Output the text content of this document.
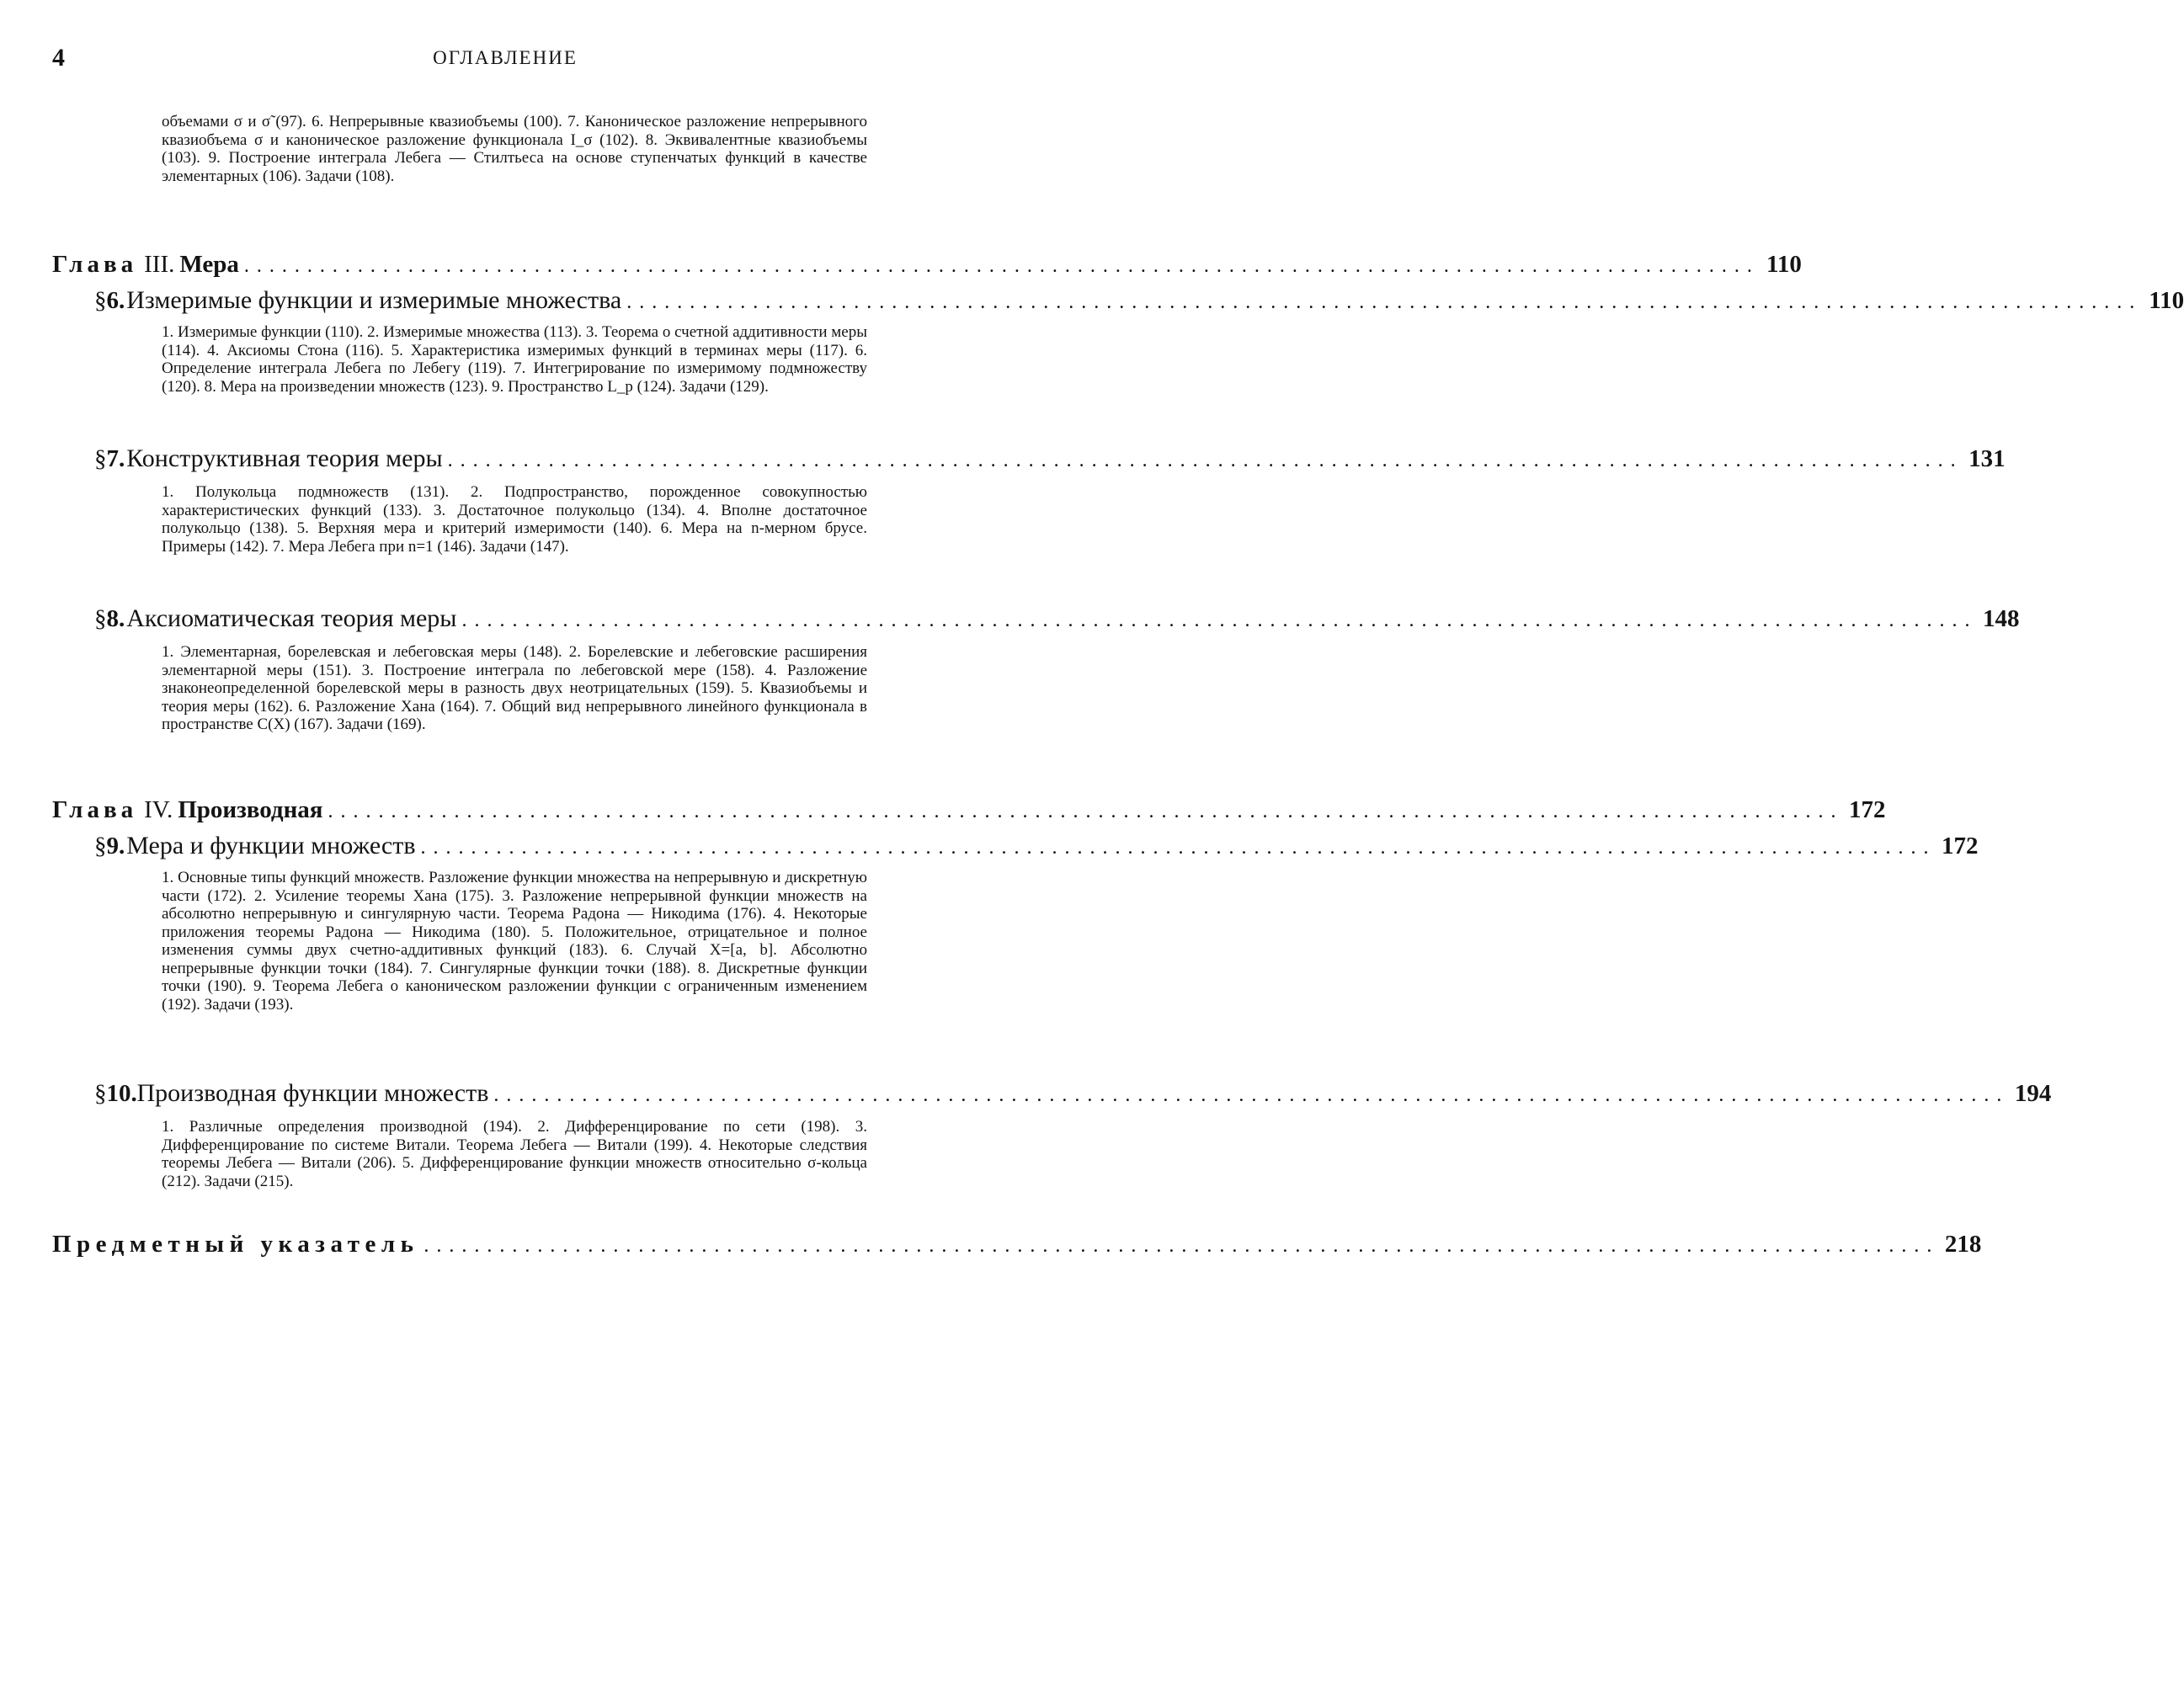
4	ОГЛАВЛЕНИЕ
объемами σ и σ̃ (97). 6. Непрерывные квазиобъемы (100). 7. Каноническое разложение непрерывного квазиобъема σ и каноническое разложение функционала I_σ (102). 8. Эквивалентные квазиобъемы (103). 9. Построение интеграла Лебега — Стилтьеса на основе ступенчатых функций в качестве элементарных (106). Задачи (108).
Глава III. Мера ........................................................................................................................ 110
§ 6. Измеримые функции и измеримые множества ........................................................................................................................ 110
1. Измеримые функции (110). 2. Измеримые множества (113). 3. Теорема о счетной аддитивности меры (114). 4. Аксиомы Стона (116). 5. Характеристика измеримых функций в терминах меры (117). 6. Определение интеграла Лебега по Лебегу (119). 7. Интегрирование по измеримому подмножеству (120). 8. Мера на произведении множеств (123). 9. Пространство L_p (124). Задачи (129).
§ 7. Конструктивная теория меры ........................................................................................................................ 131
1. Полукольца подмножеств (131). 2. Подпространство, порожденное совокупностью характеристических функций (133). 3. Достаточное полукольцо (134). 4. Вполне достаточное полукольцо (138). 5. Верхняя мера и критерий измеримости (140). 6. Мера на n-мерном брусе. Примеры (142). 7. Мера Лебега при n=1 (146). Задачи (147).
§ 8. Аксиоматическая теория меры ........................................................................................................................ 148
1. Элементарная, борелевская и лебеговская меры (148). 2. Борелевские и лебеговские расширения элементарной меры (151). 3. Построение интеграла по лебеговской мере (158). 4. Разложение знаконеопределенной борелевской меры в разность двух неотрицательных (159). 5. Квазиобъемы и теория меры (162). 6. Разложение Хана (164). 7. Общий вид непрерывного линейного функционала в пространстве C(X) (167). Задачи (169).
Глава IV. Производная ........................................................................................................................ 172
§ 9. Мера и функции множеств ........................................................................................................................ 172
1. Основные типы функций множеств. Разложение функции множества на непрерывную и дискретную части (172). 2. Усиление теоремы Хана (175). 3. Разложение непрерывной функции множеств на абсолютно непрерывную и сингулярную части. Теорема Радона — Никодима (176). 4. Некоторые приложения теоремы Радона — Никодима (180). 5. Положительное, отрицательное и полное изменения суммы двух счетно-аддитивных функций (183). 6. Случай X=[a, b]. Абсолютно непрерывные функции точки (184). 7. Сингулярные функции точки (188). 8. Дискретные функции точки (190). 9. Теорема Лебега о каноническом разложении функции с ограниченным изменением (192). Задачи (193).
§ 10. Производная функции множеств ........................................................................................................................ 194
1. Различные определения производной (194). 2. Дифференцирование по сети (198). 3. Дифференцирование по системе Витали. Теорема Лебега — Витали (199). 4. Некоторые следствия теоремы Лебега — Витали (206). 5. Дифференцирование функции множеств относительно σ-кольца (212). Задачи (215).
Предметный указатель ........................................................................................................................ 218
